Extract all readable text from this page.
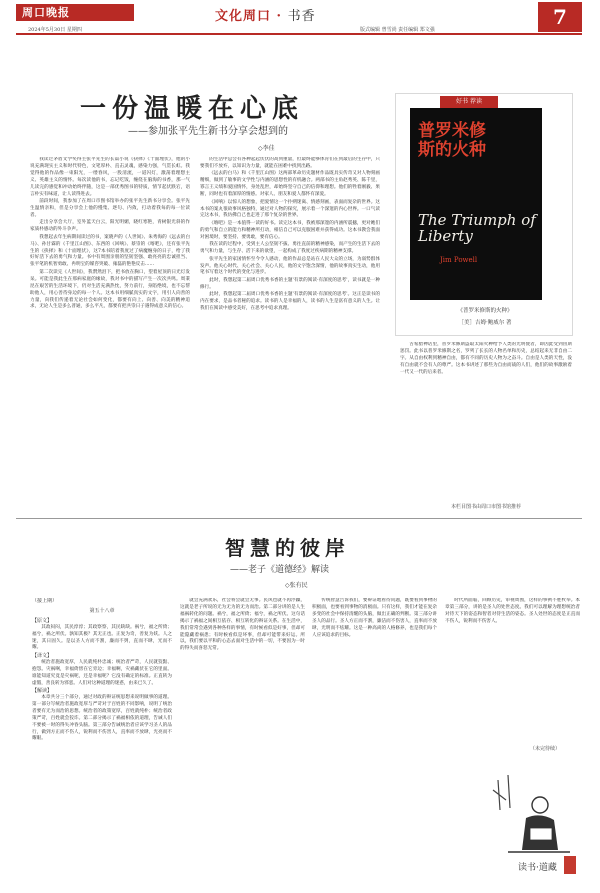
周口晚报	文化周口 · 书香	7
2024年5月30日 星期四	版式编辑 曾雪尚 责任编辑 郑文强
一份温暖在心底
——参加张平先生新书分享会想到的
◇李佳

我读过茅盾文学奖得主张平先生的长篇小说《抉择》《十面埋伏》，他的小说充满现实主义和时代特色，文笔厚朴、直击灵魂，感染力强，气贯长虹。我觉得他的作品像一束阳光，一缕春风，一股清流，一道闪灯，激荡着理想主义、英雄主义的情怀。每次读他的书，忘记吃饭，缠绕在脑海的书香，那一气儿读完的感觉和冲动始终伴随，这是一部优秀图书的特质，情节起伏跌宕，语言朴实有味道，让人读得进去。

前段时间，我参加了在周口市图书馆举办的张平先生新书分享会。张平先生温情亲和，但是分享会上他的慢集、逐句、内敛，打动着我每的每一位读者。

走出分享会大厅，室外蓝天白云，阳光明媚，晓红寒艳，青树银光斜的作家质朴感动的外斗争声。

我想起去年生病期间读过的书，案晓声的《人世间》、朱秀海的《远去的白马》、孙甘霖的《千里江山图》、东西的《回响》、蔡崇的《喀吧》，还有张平先生的《抉择》和《十面埋伏》，这7本书陪着我度过了病魔缠身的日子，给了我好好活下去的勇气和力量。书中有周围亲朋的坚韧坚强、敢亮亮的忠诚担当、张平笔的机智勇敢、冉明宝的媒咨突破、雍磊的艳艳反击……

第二次读完《人世间》，我潸然泪下，把书放在胸口，望着屋顶的日光灯发呆。可能是我此生在那病家庭的缘故，我对书中的描写产生一次次共鸣。周秉昆在艰苦的生活环境下，仍对生活充满热忱，努力前行，身陷绝境，也不忘帮助他人，用心善待身边的每一个人。这本书用细腻真实的文字，用引人向善的力量，向我们传递着无论社会如何变化，都要有向上、向善、向美的精神追求，无论人生是多么普通，多么平凡，都要有把共崇日子遇得成意义的信心。

的生活中总会有各种起起伏伏的高到重量，但最终能够体育们在到最后的生存中，只要我们不放弃，以知识为力量，就能在困难中找到出路。

《远去的白马》和《千里江山图》这两部革命历史题材作品既具实传奇又对人物刻画精细，做到了敏事的文学性与内涵的思想性的有机融合。两部书的主角赵秀英、陈千里，寡言王义绩和爱国情怀，身处乱世，却始终坚守自己的信仰和理想。他们的牲着刚毅、果断，同时也有着深厚的情感。对家人、朋友和爱人都怀有深爱。

《回响》以惊人的想象，把爱情这一个扑朔迷离、情感刻画，表面而复杂的世界。这本书的案丸很故事风格独特，通过对人物的探究，展示着一个深邃的内心世界。一口气读完这本书，我仿佛自己也走进了那个复杂的世界。

《喀吧》是一本值得一读的好书。读完这本书，我被那深邃的内涵所震撼，更对她们的勇气和自立的能力和精神所打动，相信自己可以克服困难并获得成功。这本书教会我面对困境时，要坚持、要勇敢，要有信心。

我在读的过程中，受到主人公坚韧不拔、勇往直前的精神感染，而产生的生活下去的勇气和力量，与生存、活下来的欲望，一起构成了我度过疾病期的精神支撑。

张平先生的家国情怀至今令人感动，他的作品总是站在人民大众的立场，为弱势群体发声。他关心时代、关心社会、关心人民，他的文字饱含深情，他的故事真实生动，他用笔书写着这个时代的变化与进步。

此时，我想起第二届周口优秀书香的主题'有景的阅读·有深度的思考'，读书就是一种修行。

此时，我想起第二届周口优秀书香的主题'有景的阅读·有深度的思考'。这正是读书的内在要求，是品书者秘的追求。读书的人是幸福的人，读书的人生是富有意义的人生。让我们在阅读中感受美好，在思考中追求真理。

好书 荐读
普罗米修斯的火种
The Triumph of Liberty
Jim Powell
《普罗米修斯的火种》
［美］吉姆·鲍威尔 著

古希腊神话里，普罗米修斯盗取太阳火种给予人类的光明使者，即因此受到宙斯惩罚。此书以普罗米修斯之名，罗列了长长的人物名单和历史，总结起来无非自由二字。从自由权利到精神自由，都有不同的历史人物为之奋斗。自由是人类的天性，没有自由就不会有人的尊严。这本书讲述了那些为自由而战的人们，他们的故事激励着一代又一代的后来者。

本栏目图书由周口市图书馆推荐
智慧的彼岸
——老子《道德经》解读
◇张有民
（接上期）
第五十八章
【原文】

其政闷闷，其民淳淳；其政察察，其民缺缺。祸兮，福之所倚；福兮，祸之所伏。孰知其极？其无正也。正复为奇，善复为妖。人之迷，其日固久。是以圣人方而不割，廉而不刿，直而不肆，光而不耀。

【译文】

统治者施政宽厚，人民就纯朴忠诚；统治者严苛，人民就狡黠、抱怨。灾祸啊，幸福倚傍在它旁边；幸福啊，灾祸藏伏在它的里面。谁能知道究竟是灾祸呢，还是幸福呢？它没有确定的标准。正直转为虚假，善良转为邪恶。人们对这种道理的迷惑，由来已久了。

【解读】

本章共分三个部分，通过对政的辩证统思想来说明做事的道理。第一部分写统治者施政宽厚与严苛对于百姓的不同影响，说明了统治者要有无为而治的思想。统治者的政策宽厚，百姓就纯朴；统治者政策严苛，百姓就会狡诈。第二部分揭示了祸福相依的道理，告诫人们不要被一时的得失冲昏头脑。第三部分告诫统治者应该学习圣人的品行，做到方正而不伤人，锐利而不伤害人，直率而不放肆，光亮而不耀眼。

就会充满欢乐，社会将会就会无事。民风也就不再浮躁，这就是老子所说的无为无为的无为而治。第二部分讲的是人生福祸转化的问题。祸兮，福之所倚；福兮，祸之所伏。这句话揭示了祸福之间相互依存、相互转化的辩证关系。在生活中，我们常常会遇到各种各样的事情，有时候看似是好事，但却可能隐藏着祸患；有时候看似是坏事，但却可能带来好运。所以，我们要以平和的心态去面对生活中的一切，不要因为一时的得失而喜怒无常。

传统智慧告诉我们，要辩证地看待问题，既要看到事物的积极面，也要看到事物的消极面。只有这样，我们才能在复杂多变的社会中保持清醒的头脑，做出正确的判断。第三部分讲圣人的品行。圣人方正而不割，廉洁而不伤害人，直率而不放肆，光明而不炫耀。这是一种高尚的人格修养，也是我们每个人应该追求的目标。

时代所面临，回顾历史，审视周围，这样的事例不胜枚举。本章第三部分，讲的是圣人的处世态度。我们可以理解为理想统治者对待天下的姿态和智者对待生活的姿态。圣人处世的态度是正直而不伤人，锐利而不伤害人。

（未完待续）
读书·道藏
